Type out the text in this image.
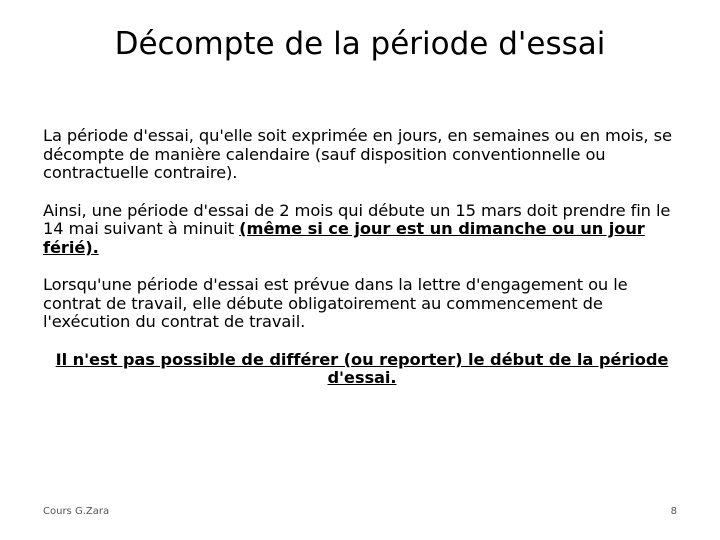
Décompte de la période d'essai

La période d'essai, qu'elle soit exprimée en jours, en semaines ou en mois, se décompte de manière calendaire (sauf disposition conventionnelle ou contractuelle contraire).

Ainsi, une période d'essai de 2 mois qui débute un 15 mars doit prendre fin le 14 mai suivant à minuit (même si ce jour est un dimanche ou un jour férié).

Lorsqu'une période d'essai est prévue dans la lettre d'engagement ou le contrat de travail, elle débute obligatoirement au commencement de l'exécution du contrat de travail.

Il n'est pas possible de différer (ou reporter) le début de la période d'essai.

Cours G.Zara	8
